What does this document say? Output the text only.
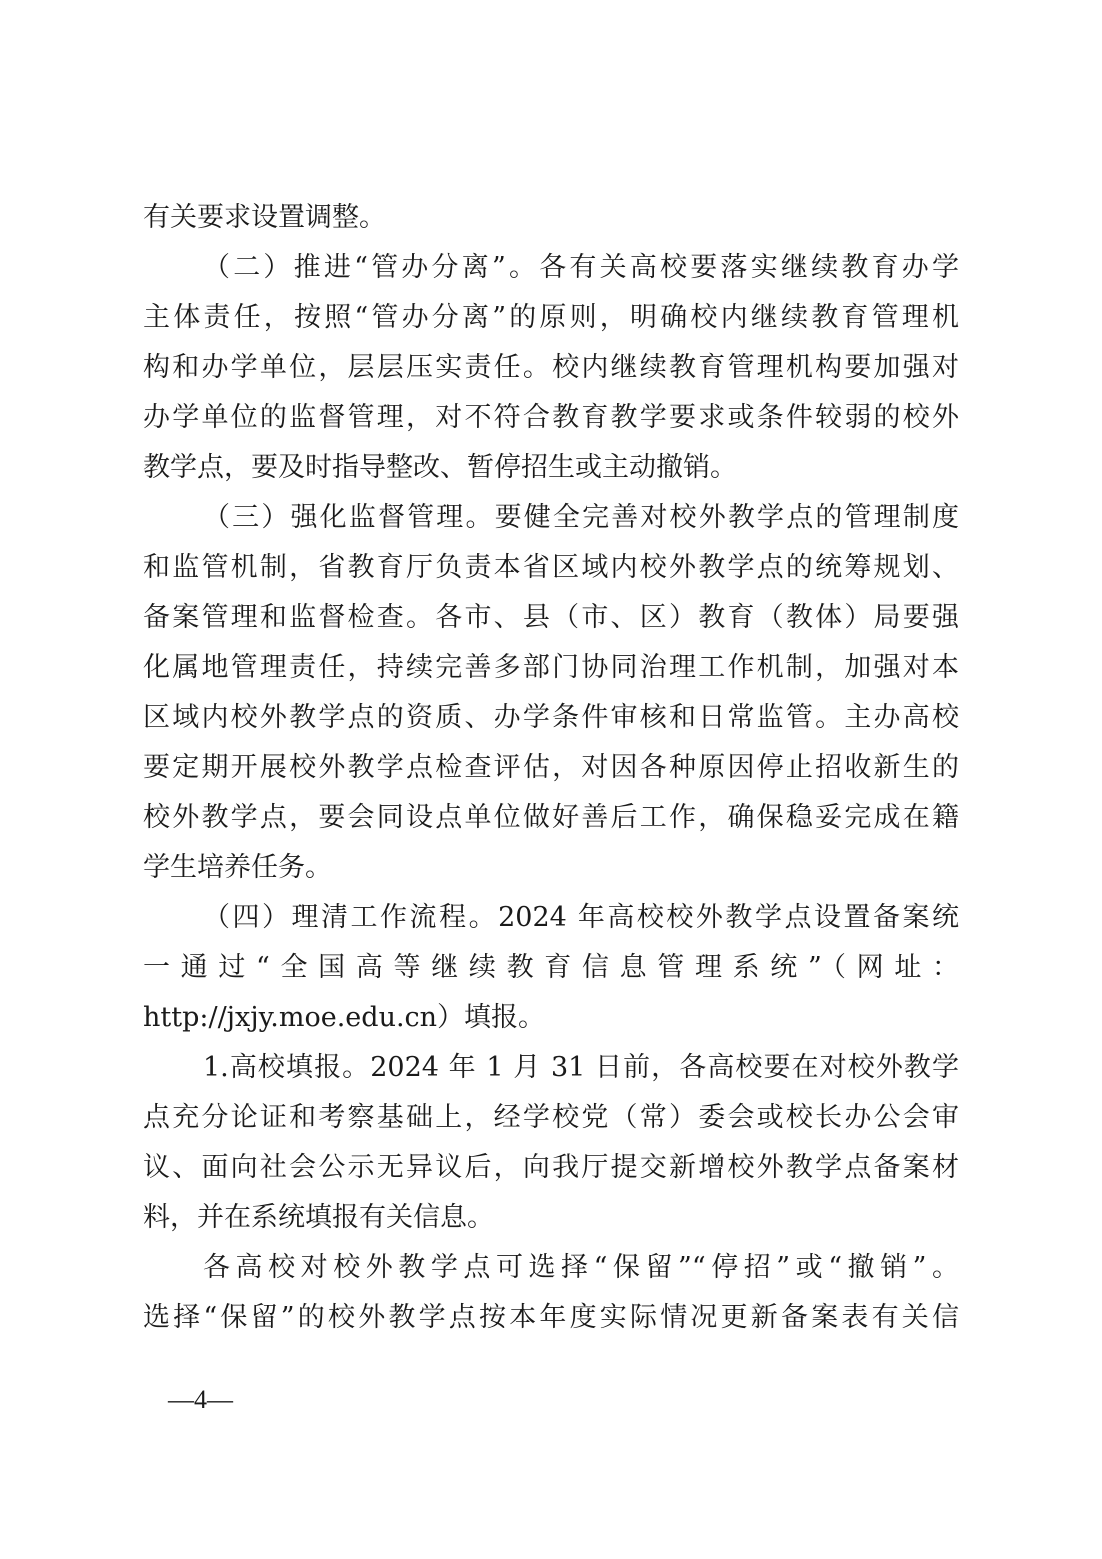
有关要求设置调整。
（二）推进“管办分离”。各有关高校要落实继续教育办学
主体责任，按照“管办分离”的原则，明确校内继续教育管理机
构和办学单位，层层压实责任。校内继续教育管理机构要加强对
办学单位的监督管理，对不符合教育教学要求或条件较弱的校外
教学点，要及时指导整改、暂停招生或主动撤销。
（三）强化监督管理。要健全完善对校外教学点的管理制度
和监管机制，省教育厅负责本省区域内校外教学点的统筹规划、
备案管理和监督检查。各市、县（市、区）教育（教体）局要强
化属地管理责任，持续完善多部门协同治理工作机制，加强对本
区域内校外教学点的资质、办学条件审核和日常监管。主办高校
要定期开展校外教学点检查评估，对因各种原因停止招收新生的
校外教学点，要会同设点单位做好善后工作，确保稳妥完成在籍
学生培养任务。
（四）理清工作流程。2024 年高校校外教学点设置备案统
一通过“全国高等继续教育信息管理系统”（网址：
http://jxjy.moe.edu.cn）填报。
1.高校填报。2024 年 1 月 31 日前，各高校要在对校外教学
点充分论证和考察基础上，经学校党（常）委会或校长办公会审
议、面向社会公示无异议后，向我厅提交新增校外教学点备案材
料，并在系统填报有关信息。
各高校对校外教学点可选择“保留”“停招”或“撤销”。
选择“保留”的校外教学点按本年度实际情况更新备案表有关信
—4—
